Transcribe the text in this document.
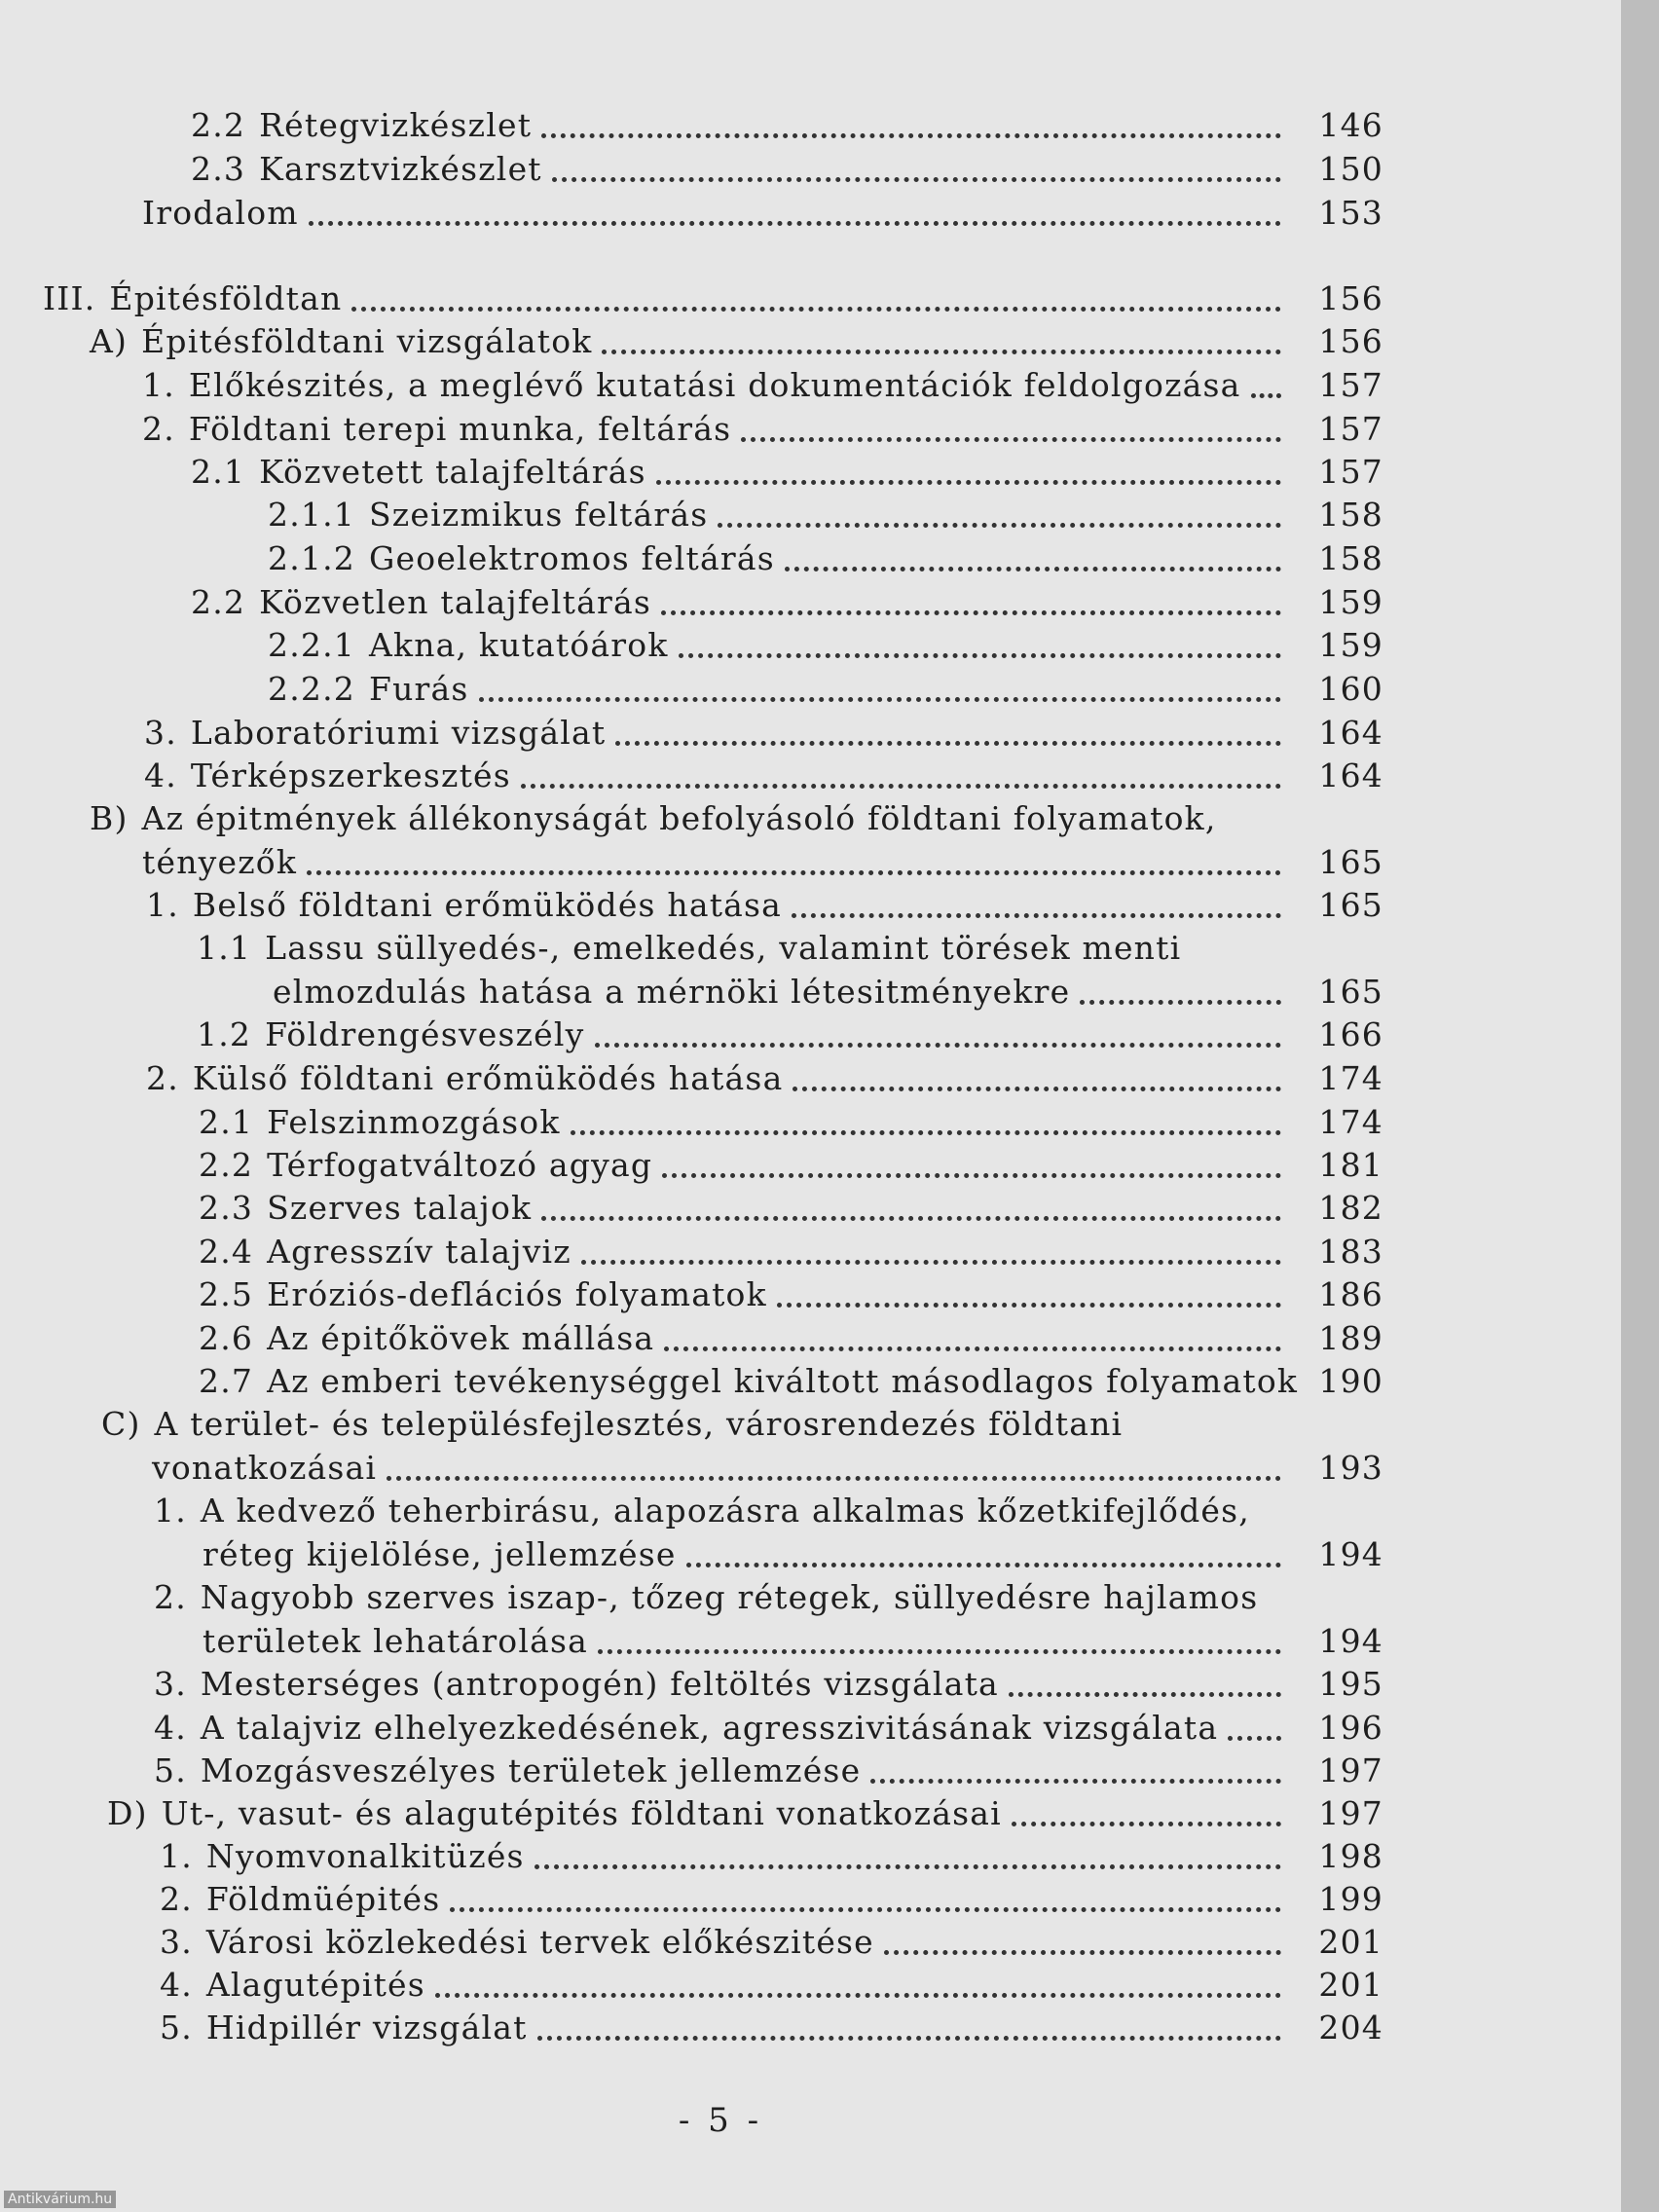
2.2 Rétegvizkészlet	146
2.3 Karsztvizkészlet	150
Irodalom	153
III. Épitésföldtan	156
A) Épitésföldtani vizsgálatok	156
1. Előkészités, a meglévő kutatási dokumentációk feldolgozása	157
2. Földtani terepi munka, feltárás	157
2.1 Közvetett talajfeltárás	157
2.1.1 Szeizmikus feltárás	158
2.1.2 Geoelektromos feltárás	158
2.2 Közvetlen talajfeltárás	159
2.2.1 Akna, kutatóárok	159
2.2.2 Furás	160
3. Laboratóriumi vizsgálat	164
4. Térképszerkesztés	164
B) Az épitmények állékonyságát befolyásoló földtani folyamatok,
tényezők	165
1. Belső földtani erőmüködés hatása	165
1.1 Lassu süllyedés-, emelkedés, valamint törések menti
elmozdulás hatása a mérnöki létesitményekre	165
1.2 Földrengésveszély	166
2. Külső földtani erőmüködés hatása	174
2.1 Felszinmozgások	174
2.2 Térfogatváltozó agyag	181
2.3 Szerves talajok	182
2.4 Agresszív talajviz	183
2.5 Eróziós-deflációs folyamatok	186
2.6 Az épitőkövek mállása	189
2.7 Az emberi tevékenységgel kiváltott másodlagos folyamatok 190
C) A terület- és településfejlesztés, városrendezés földtani
vonatkozásai	193
1. A kedvező teherbirásu, alapozásra alkalmas kőzetkifejlődés,
réteg kijelölése, jellemzése	194
2. Nagyobb szerves iszap-, tőzeg rétegek, süllyedésre hajlamos
területek lehatárolása	194
3. Mesterséges (antropogén) feltöltés vizsgálata	195
4. A talajviz elhelyezkedésének, agresszivitásának vizsgálata	196
5. Mozgásveszélyes területek jellemzése	197
D) Ut-, vasut- és alagutépités földtani vonatkozásai	197
1. Nyomvonalkitüzés	198
2. Földmüépités	199
3. Városi közlekedési tervek előkészitése	201
4. Alagutépités	201
5. Hidpillér vizsgálat	204
- 5 -
Antikvárium.hu
